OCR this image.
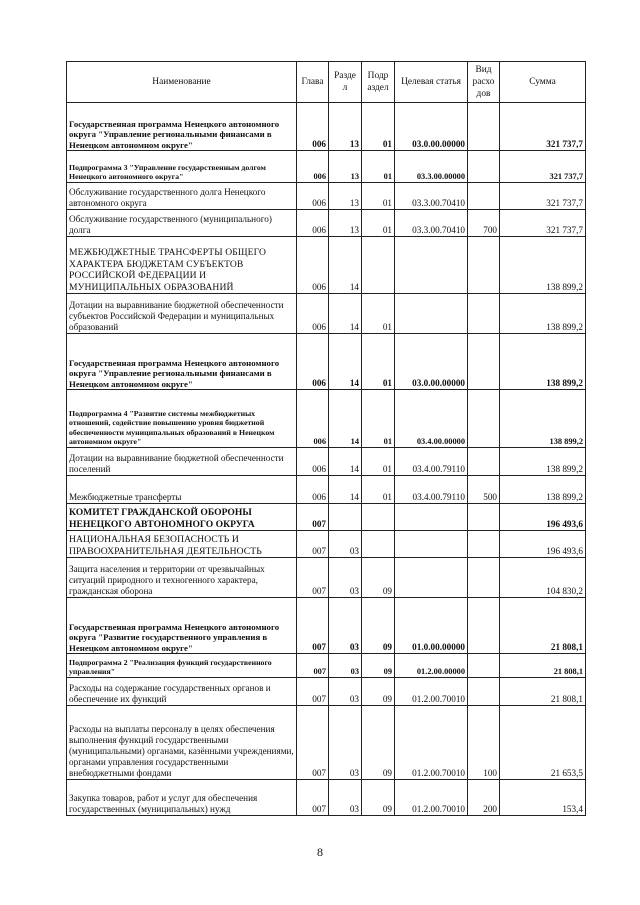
Наименование	Глава	Разде л	Подр аздел	Целевая статья	Вид расхо дов	Сумма
Государственная программа Ненецкого автономного округа "Управление региональными финансами в Ненецком автономном округе"	006	13	01	03.0.00.00000		321 737,7
Подпрограмма 3 "Управление государственным долгом Ненецкого автономного округа"	006	13	01	03.3.00.00000		321 737,7
Обслуживание государственного долга Ненецкого автономного округа	006	13	01	03.3.00.70410		321 737,7
Обслуживание государственного (муниципального) долга	006	13	01	03.3.00.70410	700	321 737,7
МЕЖБЮДЖЕТНЫЕ ТРАНСФЕРТЫ ОБЩЕГО ХАРАКТЕРА БЮДЖЕТАМ СУБЪЕКТОВ РОССИЙСКОЙ ФЕДЕРАЦИИ И МУНИЦИПАЛЬНЫХ ОБРАЗОВАНИЙ	006	14				138 899,2
Дотации на выравнивание бюджетной обеспеченности субъектов Российской Федерации и муниципальных образований	006	14	01			138 899,2
Государственная программа Ненецкого автономного округа "Управление региональными финансами в Ненецком автономном округе"	006	14	01	03.0.00.00000		138 899,2
Подпрограмма 4 "Развитие системы межбюджетных отношений, содействие повышению уровня бюджетной обеспеченности муниципальных образований в Ненецком автономном округе"	006	14	01	03.4.00.00000		138 899,2
Дотации на выравнивание бюджетной обеспеченности поселений	006	14	01	03.4.00.79110		138 899,2
Межбюджетные трансферты	006	14	01	03.4.00.79110	500	138 899,2
КОМИТЕТ ГРАЖДАНСКОЙ ОБОРОНЫ НЕНЕЦКОГО АВТОНОМНОГО ОКРУГА	007					196 493,6
НАЦИОНАЛЬНАЯ БЕЗОПАСНОСТЬ И ПРАВООХРАНИТЕЛЬНАЯ ДЕЯТЕЛЬНОСТЬ	007	03				196 493,6
Защита населения и территории от чрезвычайных ситуаций природного и техногенного характера, гражданская оборона	007	03	09			104 830,2
Государственная программа Ненецкого автономного округа "Развитие государственного управления в Ненецком автономном округе"	007	03	09	01.0.00.00000		21 808,1
Подпрограмма 2 "Реализация функций государственного управления"	007	03	09	01.2.00.00000		21 808,1
Расходы на содержание государственных органов и обеспечение их функций	007	03	09	01.2.00.70010		21 808,1
Расходы на выплаты персоналу в целях обеспечения выполнения функций государственными (муниципальными) органами, казёнными учреждениями, органами управления государственными внебюджетными фондами	007	03	09	01.2.00.70010	100	21 653,5
Закупка товаров, работ и услуг для обеспечения государственных (муниципальных) нужд	007	03	09	01.2.00.70010	200	153,4
8
